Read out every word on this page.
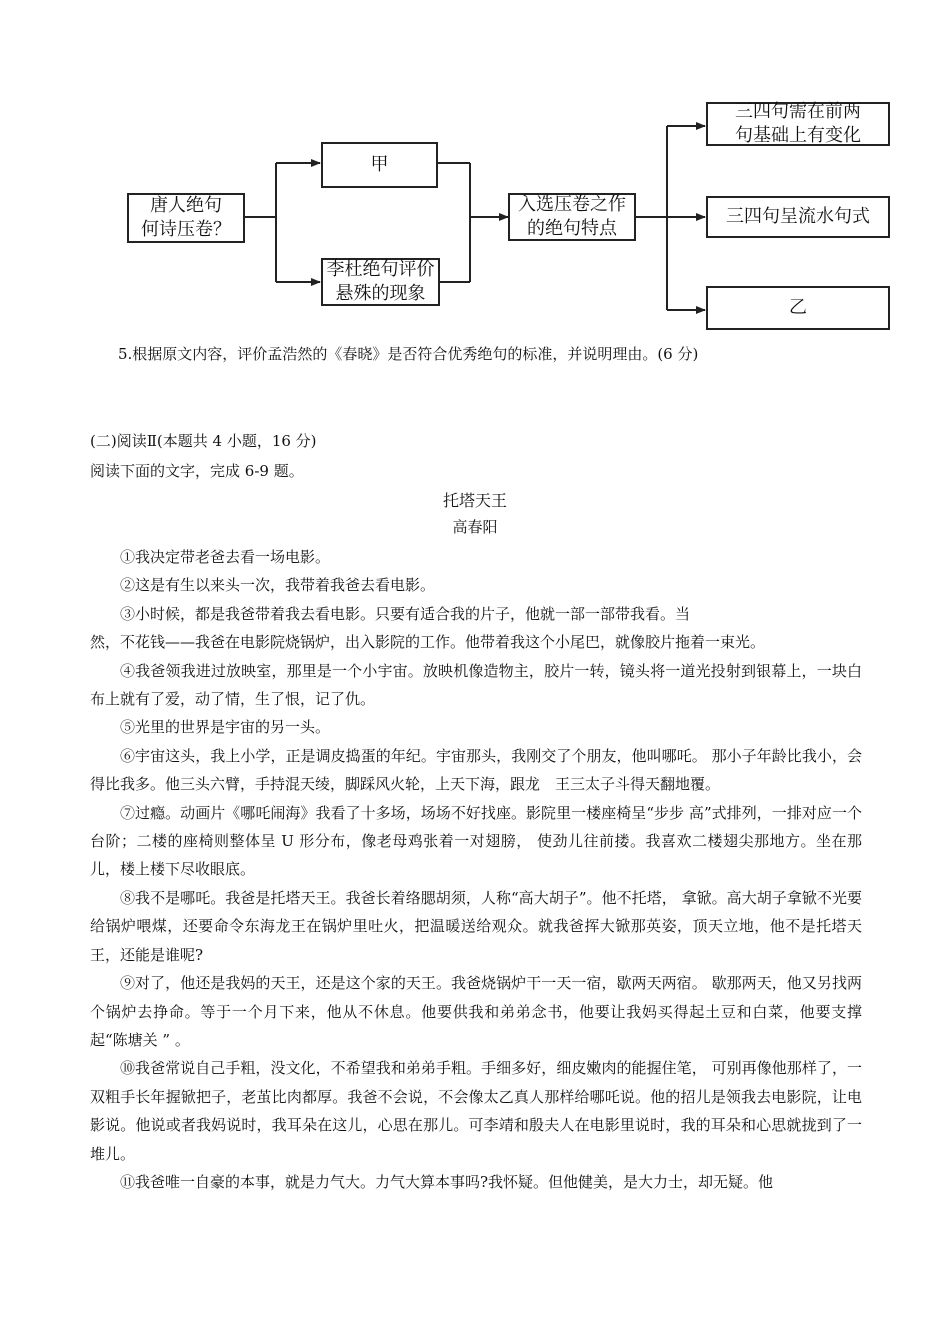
唐人绝句
何诗压卷？
甲
李杜绝句评价
悬殊的现象
入选压卷之作
的绝句特点
三四句需在前两
句基础上有变化
三四句呈流水句式
乙
5.根据原文内容，评价孟浩然的《春晓》是否符合优秀绝句的标准，并说明理由。(6 分)
(二)阅读Ⅱ(本题共 4 小题，16 分)
阅读下面的文字，完成 6-9 题。
托塔天王
高春阳

①我决定带老爸去看一场电影。

②这是有生以来头一次，我带着我爸去看电影。

③小时候，都是我爸带着我去看电影。只要有适合我的片子，他就一部一部带我看。当

然，不花钱——我爸在电影院烧锅炉，出入影院的工作。他带着我这个小尾巴，就像胶片拖着一束光。

④我爸领我进过放映室，那里是一个小宇宙。放映机像造物主，胶片一转，镜头将一道光投射到银幕上，一块白布上就有了爱，动了情，生了恨，记了仇。

⑤光里的世界是宇宙的另一头。

⑥宇宙这头，我上小学，正是调皮捣蛋的年纪。宇宙那头，我刚交了个朋友，他叫哪吒。 那小子年龄比我小，会得比我多。他三头六臂，手持混天绫，脚踩风火轮，上天下海，跟龙　王三太子斗得天翻地覆。

⑦过瘾。动画片《哪吒闹海》我看了十多场，场场不好找座。影院里一楼座椅呈“步步 高”式排列，一排对应一个台阶；二楼的座椅则整体呈 U 形分布，像老母鸡张着一对翅膀， 使劲儿往前搂。我喜欢二楼翅尖那地方。坐在那儿，楼上楼下尽收眼底。

⑧我不是哪吒。我爸是托塔天王。我爸长着络腮胡须，人称“高大胡子”。他不托塔， 拿锨。高大胡子拿锨不光要给锅炉喂煤，还要命令东海龙王在锅炉里吐火，把温暖送给观众。就我爸挥大锨那英姿，顶天立地，他不是托塔天王，还能是谁呢?

⑨对了，他还是我妈的天王，还是这个家的天王。我爸烧锅炉干一天一宿，歇两天两宿。 歇那两天，他又另找两个锅炉去挣命。等于一个月下来，他从不休息。他要供我和弟弟念书，他要让我妈买得起土豆和白菜，他要支撑起“陈塘关 ” 。

⑩我爸常说自己手粗，没文化，不希望我和弟弟手粗。手细多好，细皮嫩肉的能握住笔， 可别再像他那样了，一双粗手长年握锨把子，老茧比肉都厚。我爸不会说，不会像太乙真人那样给哪吒说。他的招儿是领我去电影院，让电影说。他说或者我妈说时，我耳朵在这儿，心思在那儿。可李靖和殷夫人在电影里说时，我的耳朵和心思就拢到了一堆儿。

⑪我爸唯一自豪的本事，就是力气大。力气大算本事吗?我怀疑。但他健美，是大力士，却无疑。他
